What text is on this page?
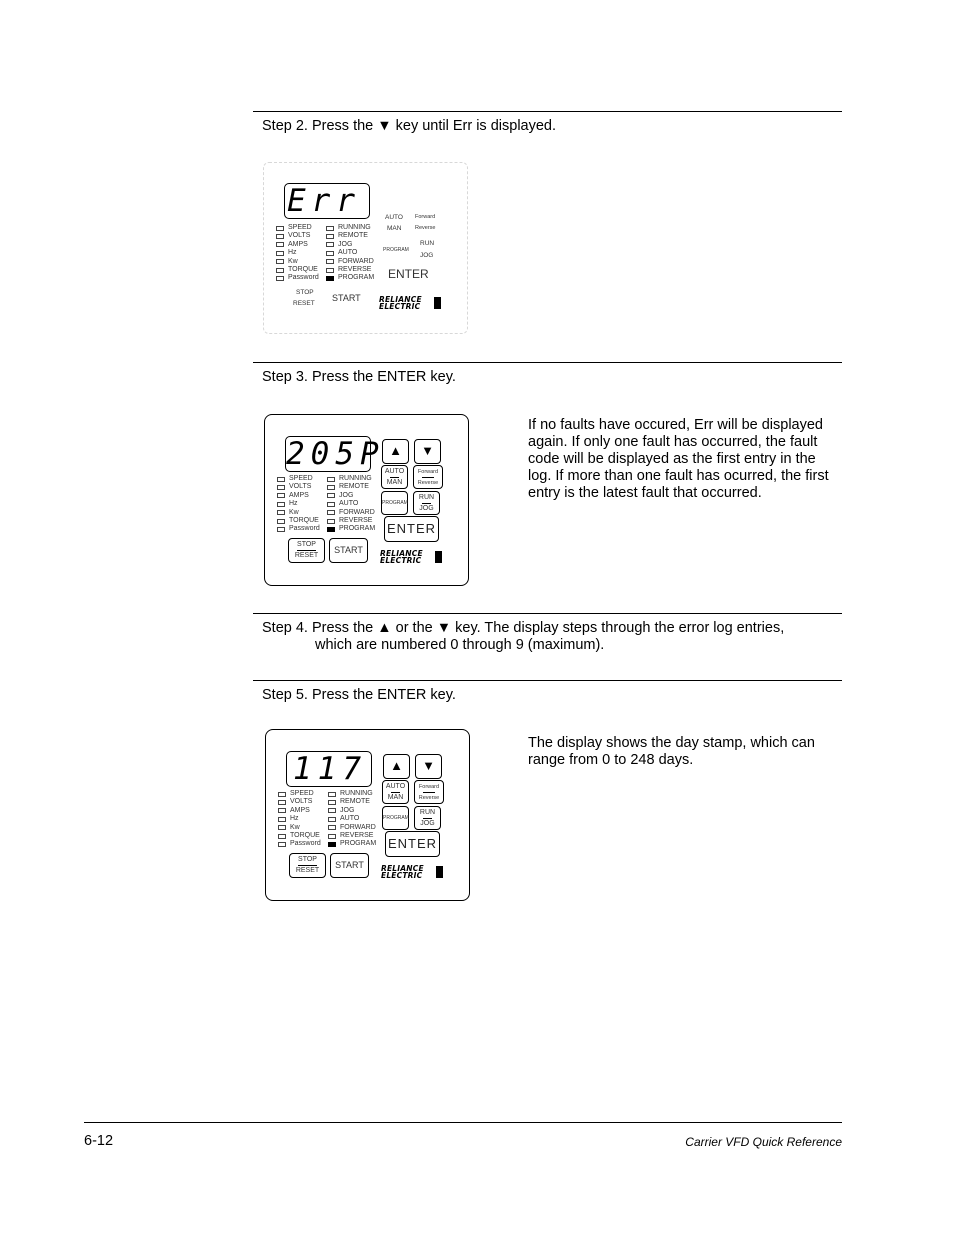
Step 2. Press the ▼ key until Err is displayed.
Err
SPEED
VOLTS
AMPS
Hz
Kw
TORQUE
Password
RUNNING
REMOTE
JOG
AUTO
FORWARD
REVERSE
PROGRAM
AUTO
MAN
Forward
Reverse
PROGRAM
RUN
JOG
ENTER
STOP
RESET
START RELIANCE
ELECTRIC
Step 3. Press the ENTER key.
205P
SPEED
VOLTS
AMPS
Hz
Kw
TORQUE
Password
RUNNING
REMOTE
JOG
AUTO
FORWARD
REVERSE
PROGRAM
▲	▼
AUTO
MAN
Forward
Reverse
PROGRAM
RUN
JOG
ENTER
STOP
RESET
START	RELIANCE
ELECTRIC
If no faults have occured, Err will be displayed again. If only one fault has occurred, the fault code will be displayed as the first entry in the log. If more than one fault has ocurred, the first entry is the latest fault that occurred.
Step 4. Press the ▲ or the ▼ key. The display steps through the error log entries,
which are numbered 0 through 9 (maximum).
Step 5. Press the ENTER key.
117
SPEED
VOLTS
AMPS
Hz
Kw
TORQUE
Password
RUNNING
REMOTE
JOG
AUTO
FORWARD
REVERSE
PROGRAM
▲	▼
AUTO
MAN
Forward
Reverse
PROGRAM
RUN
JOG
ENTER
STOP
RESET
START	RELIANCE
ELECTRIC
The display shows the day stamp, which can range from 0 to 248 days.
6-12	Carrier VFD Quick Reference
